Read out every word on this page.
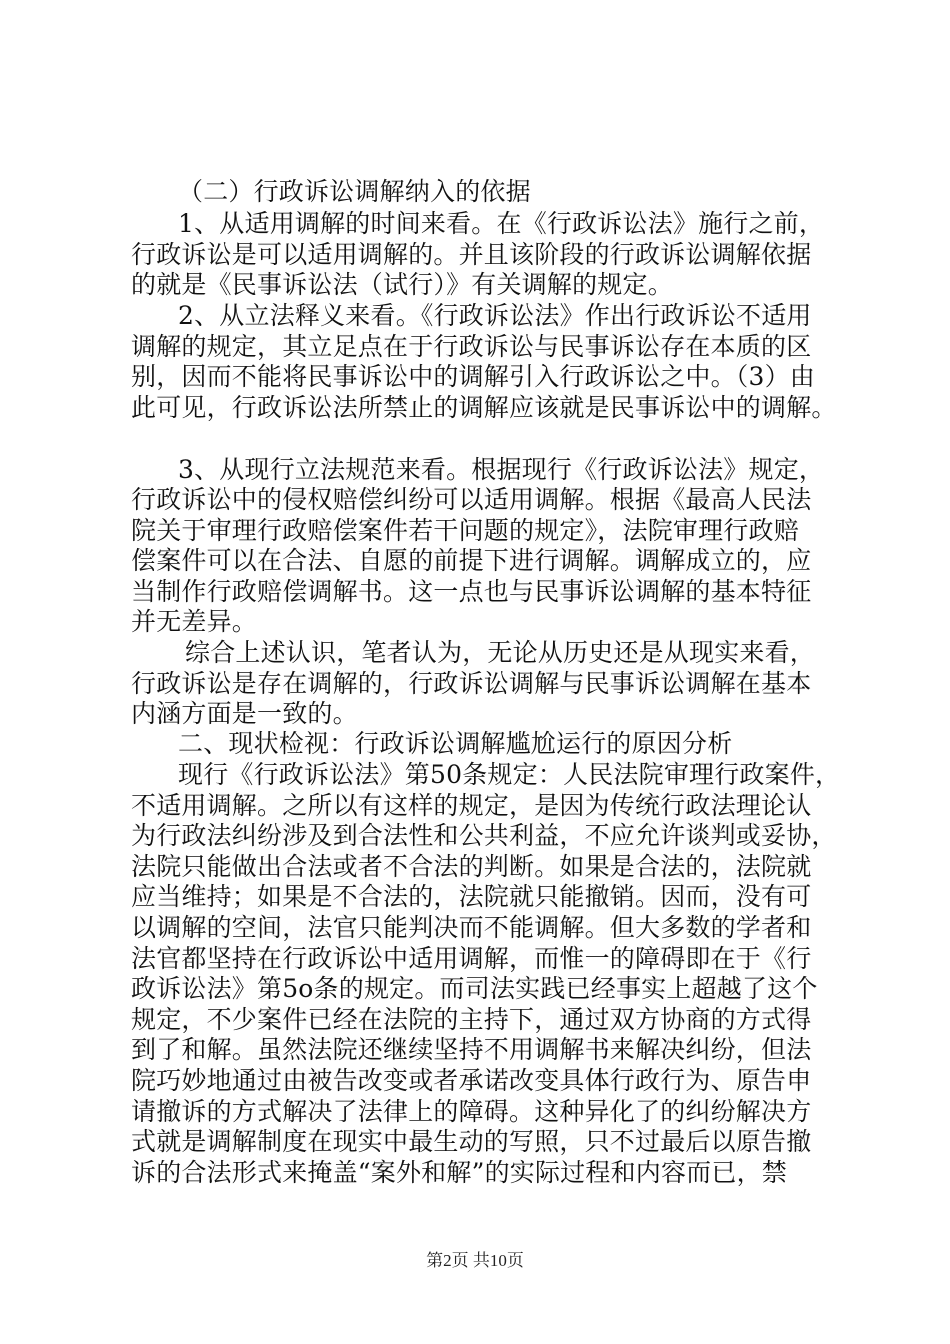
（二）行政诉讼调解纳入的依据
1、从适用调解的时间来看。在《行政诉讼法》施行之前，
行政诉讼是可以适用调解的。并且该阶段的行政诉讼调解依据
的就是《民事诉讼法（试行）》有关调解的规定。
2、从立法释义来看。《行政诉讼法》作出行政诉讼不适用
调解的规定，其立足点在于行政诉讼与民事诉讼存在本质的区
别，因而不能将民事诉讼中的调解引入行政诉讼之中。（3）由
此可见，行政诉讼法所禁止的调解应该就是民事诉讼中的调解。
3、从现行立法规范来看。根据现行《行政诉讼法》规定，
行政诉讼中的侵权赔偿纠纷可以适用调解。根据《最高人民法
院关于审理行政赔偿案件若干问题的规定》，法院审理行政赔
偿案件可以在合法、自愿的前提下进行调解。调解成立的，应
当制作行政赔偿调解书。这一点也与民事诉讼调解的基本特征
并无差异。
综合上述认识，笔者认为，无论从历史还是从现实来看，
行政诉讼是存在调解的，行政诉讼调解与民事诉讼调解在基本
内涵方面是一致的。
二、现状检视：行政诉讼调解尴尬运行的原因分析
现行《行政诉讼法》第50条规定：人民法院审理行政案件，
不适用调解。之所以有这样的规定，是因为传统行政法理论认
为行政法纠纷涉及到合法性和公共利益，不应允许谈判或妥协，
法院只能做出合法或者不合法的判断。如果是合法的，法院就
应当维持；如果是不合法的，法院就只能撤销。因而，没有可
以调解的空间，法官只能判决而不能调解。但大多数的学者和
法官都坚持在行政诉讼中适用调解，而惟一的障碍即在于《行
政诉讼法》第5o条的规定。而司法实践已经事实上超越了这个
规定，不少案件已经在法院的主持下，通过双方协商的方式得
到了和解。虽然法院还继续坚持不用调解书来解决纠纷，但法
院巧妙地通过由被告改变或者承诺改变具体行政行为、原告申
请撤诉的方式解决了法律上的障碍。这种异化了的纠纷解决方
式就是调解制度在现实中最生动的写照，只不过最后以原告撤
诉的合法形式来掩盖“案外和解”的实际过程和内容而已，禁
第2页 共10页
